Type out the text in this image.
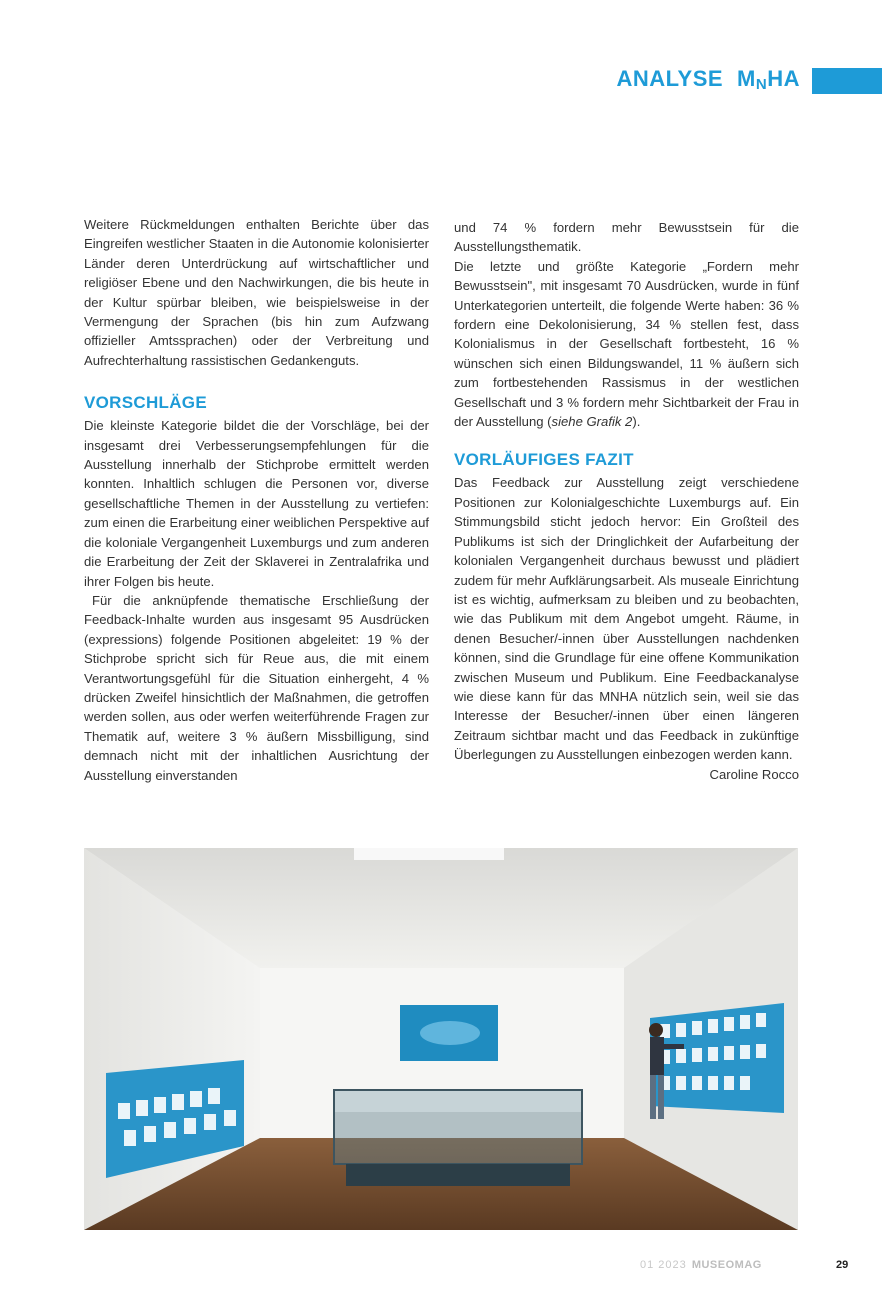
ANALYSE MNHA

Weitere Rückmeldungen enthalten Berichte über das Eingreifen westlicher Staaten in die Autonomie kolonisierter Länder deren Unterdrückung auf wirtschaftlicher und religiöser Ebene und den Nachwirkungen, die bis heute in der Kultur spürbar bleiben, wie beispielsweise in der Vermengung der Sprachen (bis hin zum Aufzwang offizieller Amtssprachen) oder der Verbreitung und Aufrechterhaltung rassistischen Gedankenguts.

VORSCHLÄGE

Die kleinste Kategorie bildet die der Vorschläge, bei der insgesamt drei Verbesserungsempfehlungen für die Ausstellung innerhalb der Stichprobe ermittelt werden konnten. Inhaltlich schlugen die Personen vor, diverse gesellschaftliche Themen in der Ausstellung zu vertiefen: zum einen die Erarbeitung einer weiblichen Perspektive auf die koloniale Vergangenheit Luxemburgs und zum anderen die Erarbeitung der Zeit der Sklaverei in Zentralafrika und ihrer Folgen bis heute.

Für die anknüpfende thematische Erschließung der Feedback-Inhalte wurden aus insgesamt 95 Ausdrücken (expressions) folgende Positionen abgeleitet: 19 % der Stichprobe spricht sich für Reue aus, die mit einem Verantwortungsgefühl für die Situation einhergeht, 4 % drücken Zweifel hinsichtlich der Maßnahmen, die getroffen werden sollen, aus oder werfen weiterführende Fragen zur Thematik auf, weitere 3 % äußern Missbilligung, sind demnach nicht mit der inhaltlichen Ausrichtung der Ausstellung einverstanden

und 74 % fordern mehr Bewusstsein für die Ausstellungsthematik.

Die letzte und größte Kategorie „Fordern mehr Bewusstsein", mit insgesamt 70 Ausdrücken, wurde in fünf Unterkategorien unterteilt, die folgende Werte haben: 36 % fordern eine Dekolonisierung, 34 % stellen fest, dass Kolonialismus in der Gesellschaft fortbesteht, 16 % wünschen sich einen Bildungswandel, 11 % äußern sich zum fortbestehenden Rassismus in der westlichen Gesellschaft und 3 % fordern mehr Sichtbarkeit der Frau in der Ausstellung (siehe Grafik 2).

VORLÄUFIGES FAZIT

Das Feedback zur Ausstellung zeigt verschiedene Positionen zur Kolonialgeschichte Luxemburgs auf. Ein Stimmungsbild sticht jedoch hervor: Ein Großteil des Publikums ist sich der Dringlichkeit der Aufarbeitung der kolonialen Vergangenheit durchaus bewusst und plädiert zudem für mehr Aufklärungsarbeit. Als museale Einrichtung ist es wichtig, aufmerksam zu bleiben und zu beobachten, wie das Publikum mit dem Angebot umgeht. Räume, in denen Besucher/-innen über Ausstellungen nachdenken können, sind die Grundlage für eine offene Kommunikation zwischen Museum und Publikum. Eine Feedbackanalyse wie diese kann für das MNHA nützlich sein, weil sie das Interesse der Besucher/-innen über einen längeren Zeitraum sichtbar macht und das Feedback in zukünftige Überlegungen zu Ausstellungen einbezogen werden kann.

Caroline Rocco

01 2023 MUSEOMAG	29
